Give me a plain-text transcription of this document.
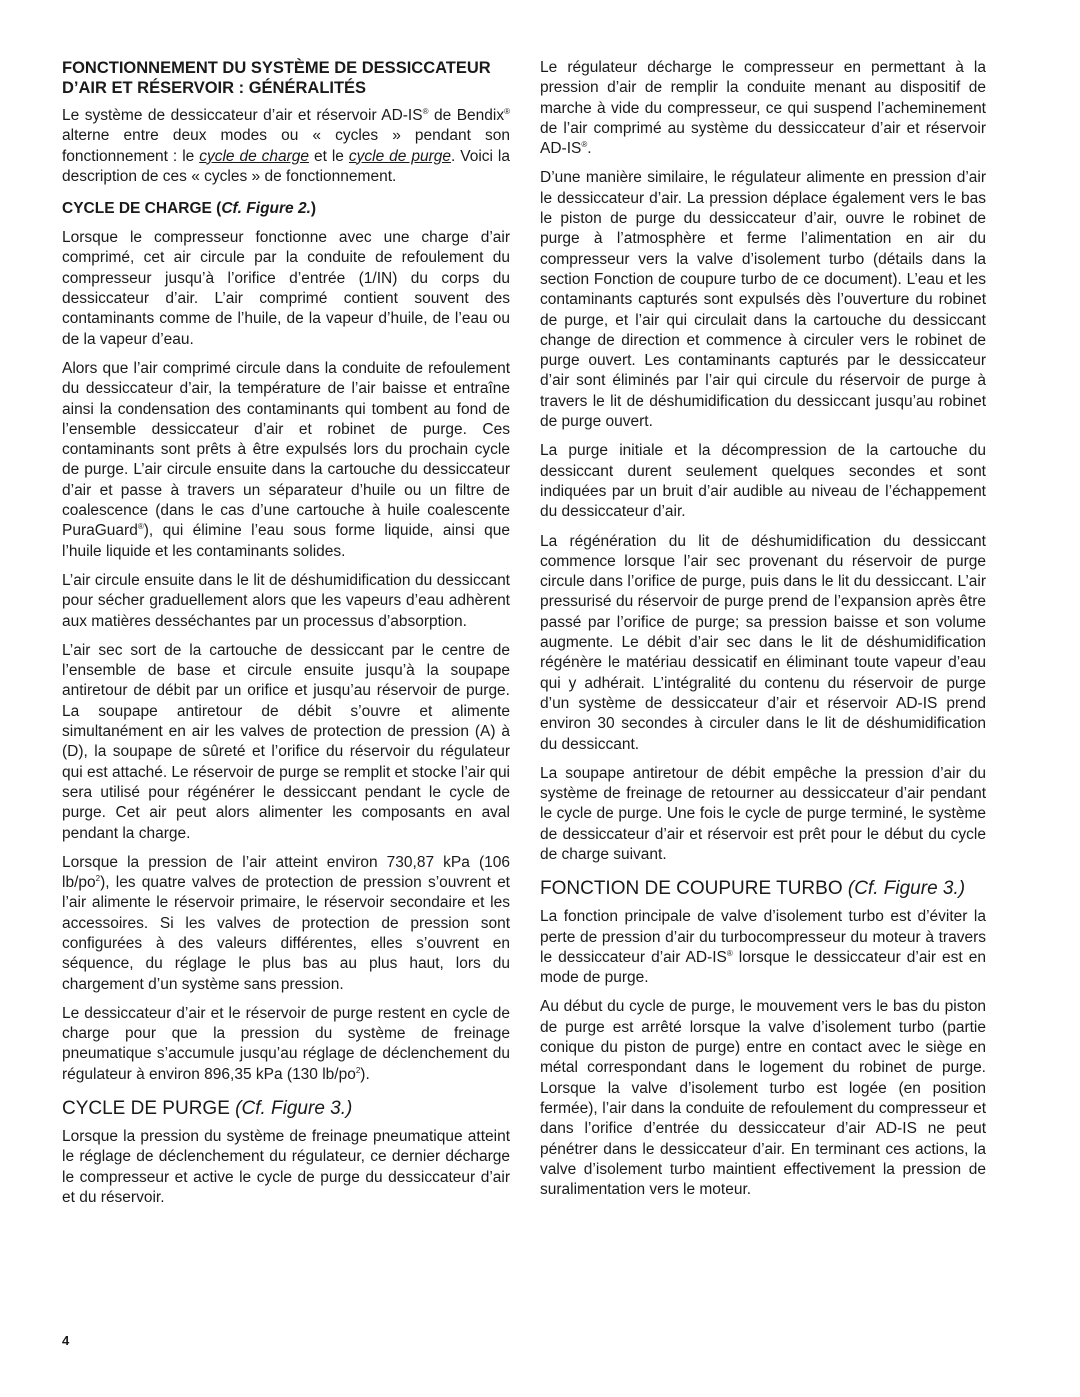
FONCTIONNEMENT DU SYSTÈME DE DESSICCATEUR
D’AIR ET RÉSERVOIR : GÉNÉRALITÉS

Le système de dessiccateur d’air et réservoir AD-IS® de Bendix® alterne entre deux modes ou « cycles » pendant son fonctionnement : le cycle de charge et le cycle de purge. Voici la description de ces « cycles » de fonctionnement.

CYCLE DE CHARGE (Cf. Figure 2.)

Lorsque le compresseur fonctionne avec une charge d’air comprimé, cet air circule par la conduite de refoulement du compresseur jusqu’à l’orifice d’entrée (1/IN) du corps du dessiccateur d’air. L’air comprimé contient souvent des contaminants comme de l’huile, de la vapeur d’huile, de l’eau ou de la vapeur d’eau.

Alors que l’air comprimé circule dans la conduite de refoulement du dessiccateur d’air, la température de l’air baisse et entraîne ainsi la condensation des contaminants qui tombent au fond de l’ensemble dessiccateur d’air et robinet de purge. Ces contaminants sont prêts à être expulsés lors du prochain cycle de purge. L’air circule ensuite dans la cartouche du dessiccateur d’air et passe à travers un séparateur d’huile ou un filtre de coalescence (dans le cas d’une cartouche à huile coalescente PuraGuard®), qui élimine l’eau sous forme liquide, ainsi que l’huile liquide et les contaminants solides.

L’air circule ensuite dans le lit de déshumidification du dessiccant pour sécher graduellement alors que les vapeurs d’eau adhèrent aux matières desséchantes par un processus d’absorption.

L’air sec sort de la cartouche de dessiccant par le centre de l’ensemble de base et circule ensuite jusqu’à la soupape antiretour de débit par un orifice et jusqu’au réservoir de purge. La soupape antiretour de débit s’ouvre et alimente simultanément en air les valves de protection de pression (A) à (D), la soupape de sûreté et l’orifice du réservoir du régulateur qui est attaché. Le réservoir de purge se remplit et stocke l’air qui sera utilisé pour régénérer le dessiccant pendant le cycle de purge. Cet air peut alors alimenter les composants en aval pendant la charge.

Lorsque la pression de l’air atteint environ 730,87 kPa (106 $lb/po^2$), les quatre valves de protection de pression s’ouvrent et l’air alimente le réservoir primaire, le réservoir secondaire et les accessoires. Si les valves de protection de pression sont configurées à des valeurs différentes, elles s’ouvrent en séquence, du réglage le plus bas au plus haut, lors du chargement d’un système sans pression.

Le dessiccateur d’air et le réservoir de purge restent en cycle de charge pour que la pression du système de freinage pneumatique s’accumule jusqu’au réglage de déclenchement du régulateur à environ 896,35 kPa (130 $lb/po^2$).

CYCLE DE PURGE (Cf. Figure 3.)

Lorsque la pression du système de freinage pneumatique atteint le réglage de déclenchement du régulateur, ce dernier décharge le compresseur et active le cycle de purge du dessiccateur d’air et du réservoir.

Le régulateur décharge le compresseur en permettant à la pression d’air de remplir la conduite menant au dispositif de marche à vide du compresseur, ce qui suspend l’acheminement de l’air comprimé au système du dessiccateur d’air et réservoir AD-IS®.

D’une manière similaire, le régulateur alimente en pression d’air le dessiccateur d’air. La pression déplace également vers le bas le piston de purge du dessiccateur d’air, ouvre le robinet de purge à l’atmosphère et ferme l’alimentation en air du compresseur vers la valve d’isolement turbo (détails dans la section Fonction de coupure turbo de ce document). L’eau et les contaminants capturés sont expulsés dès l’ouverture du robinet de purge, et l’air qui circulait dans la cartouche du dessiccant change de direction et commence à circuler vers le robinet de purge ouvert. Les contaminants capturés par le dessiccateur d’air sont éliminés par l’air qui circule du réservoir de purge à travers le lit de déshumidification du dessiccant jusqu’au robinet de purge ouvert.

La purge initiale et la décompression de la cartouche du dessiccant durent seulement quelques secondes et sont indiquées par un bruit d’air audible au niveau de l’échappement du dessiccateur d’air.

La régénération du lit de déshumidification du dessiccant commence lorsque l’air sec provenant du réservoir de purge circule dans l’orifice de purge, puis dans le lit du dessiccant. L’air pressurisé du réservoir de purge prend de l’expansion après être passé par l’orifice de purge; sa pression baisse et son volume augmente. Le débit d’air sec dans le lit de déshumidification régénère le matériau dessicatif en éliminant toute vapeur d’eau qui y adhérait. L’intégralité du contenu du réservoir de purge d’un système de dessiccateur d’air et réservoir AD-IS prend environ 30 secondes à circuler dans le lit de déshumidification du dessiccant.

La soupape antiretour de débit empêche la pression d’air du système de freinage de retourner au dessiccateur d’air pendant le cycle de purge. Une fois le cycle de purge terminé, le système de dessiccateur d’air et réservoir est prêt pour le début du cycle de charge suivant.

FONCTION DE COUPURE TURBO (Cf. Figure 3.)

La fonction principale de valve d’isolement turbo est d’éviter la perte de pression d’air du turbocompresseur du moteur à travers le dessiccateur d’air AD-IS® lorsque le dessiccateur d’air est en mode de purge.

Au début du cycle de purge, le mouvement vers le bas du piston de purge est arrêté lorsque la valve d’isolement turbo (partie conique du piston de purge) entre en contact avec le siège en métal correspondant dans le logement du robinet de purge. Lorsque la valve d’isolement turbo est logée (en position fermée), l’air dans la conduite de refoulement du compresseur et dans l’orifice d’entrée du dessiccateur d’air AD-IS ne peut pénétrer dans le dessiccateur d’air. En terminant ces actions, la valve d’isolement turbo maintient effectivement la pression de suralimentation vers le moteur.

4
